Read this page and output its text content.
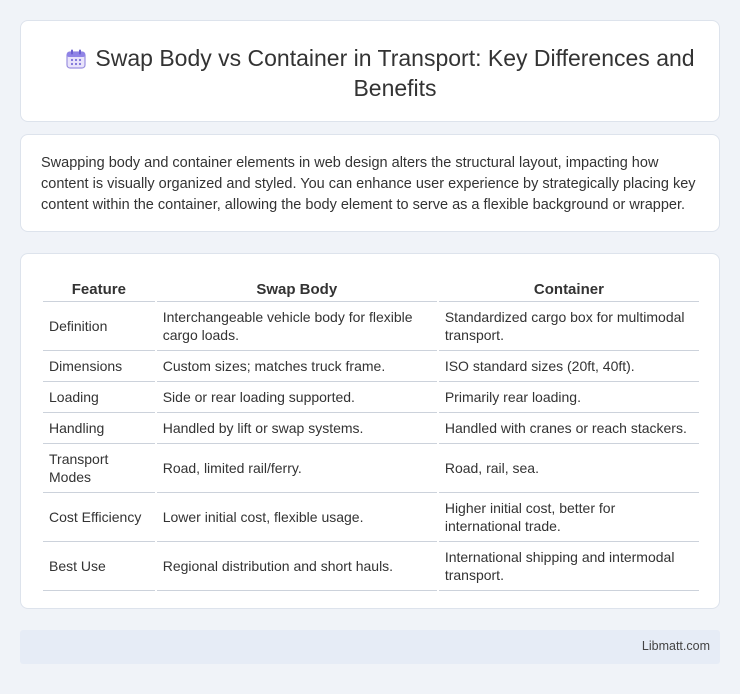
Swap Body vs Container in Transport: Key Differences and Benefits

Swapping body and container elements in web design alters the structural layout, impacting how content is visually organized and styled. You can enhance user experience by strategically placing key content within the container, allowing the body element to serve as a flexible background or wrapper.

Feature	Swap Body	Container
Definition	Interchangeable vehicle body for flexible cargo loads.	Standardized cargo box for multimodal transport.
Dimensions	Custom sizes; matches truck frame.	ISO standard sizes (20ft, 40ft).
Loading	Side or rear loading supported.	Primarily rear loading.
Handling	Handled by lift or swap systems.	Handled with cranes or reach stackers.
Transport Modes	Road, limited rail/ferry.	Road, rail, sea.
Cost Efficiency	Lower initial cost, flexible usage.	Higher initial cost, better for international trade.
Best Use	Regional distribution and short hauls.	International shipping and intermodal transport.
Libmatt.com
